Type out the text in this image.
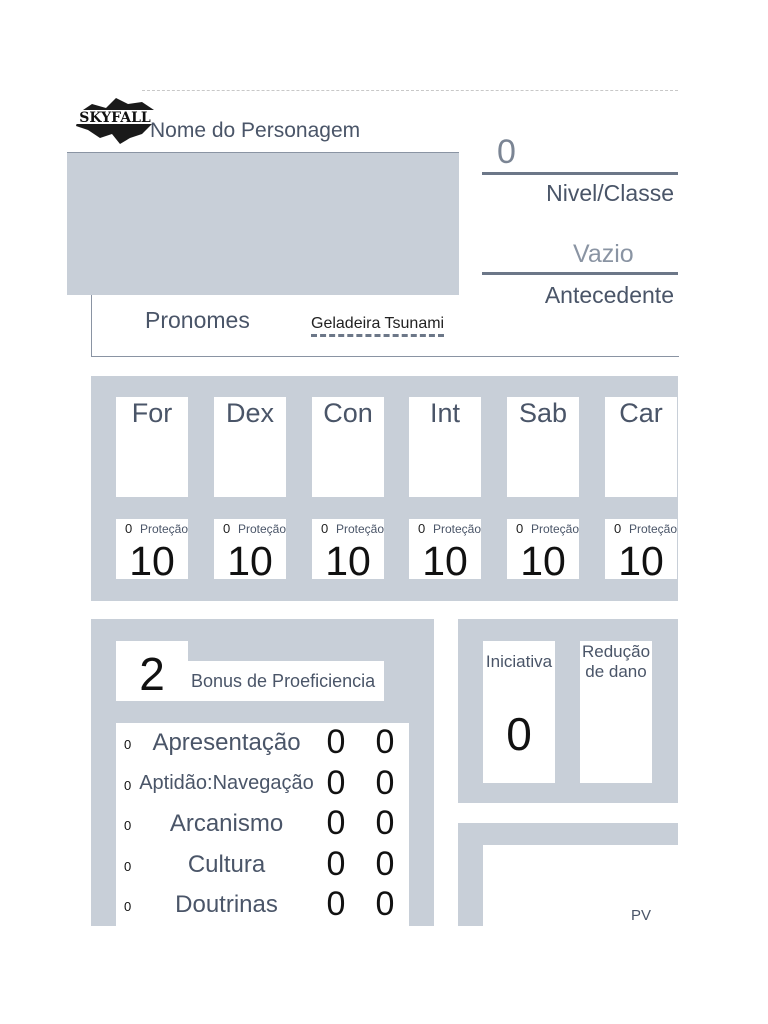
SKYFALL
Nome do Personagem
0
Nivel/Classe
Vazio
Antecedente
Pronomes	Geladeira Tsunami
For
0 Proteção
10
Dex
0 Proteção
10
Con
0 Proteção
10
Int
0 Proteção
10
Sab
0 Proteção
10
Car
0 Proteção
10
2	Bonus de Proeficiencia
0 Apresentação 0 0
0 Aptidão:Navegação 0 0
0	Arcanismo	0 0
0	Cultura	0 0
0	Doutrinas	0 0
Iniciativa
0
Redução de dano
PV
